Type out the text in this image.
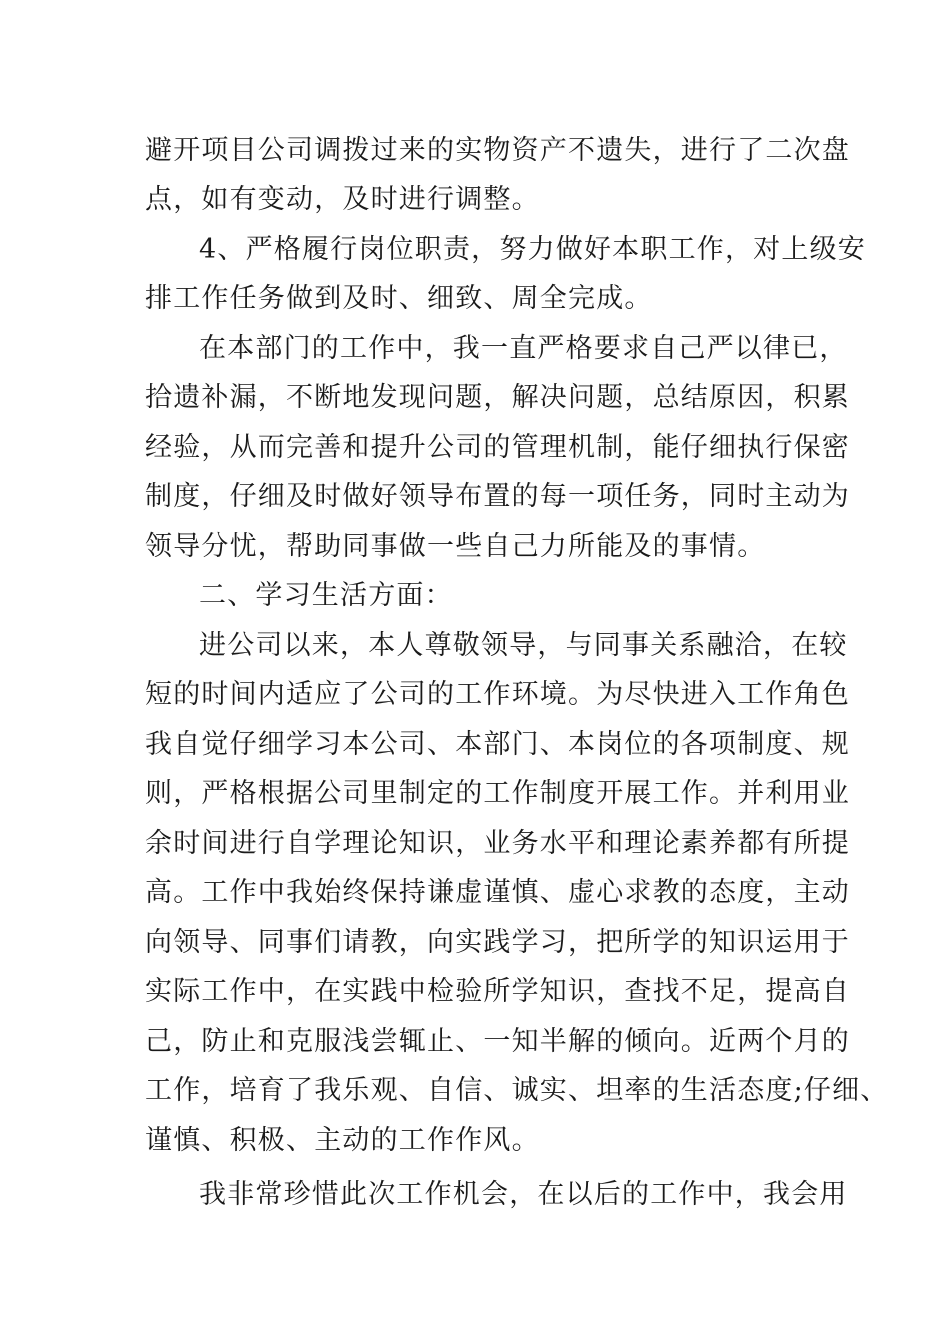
避开项目公司调拨过来的实物资产不遗失，进行了二次盘
点，如有变动，及时进行调整。
4、严格履行岗位职责，努力做好本职工作，对上级安
排工作任务做到及时、细致、周全完成。
在本部门的工作中，我一直严格要求自己严以律已，
拾遗补漏，不断地发现问题，解决问题，总结原因，积累
经验，从而完善和提升公司的管理机制，能仔细执行保密
制度，仔细及时做好领导布置的每一项任务，同时主动为
领导分忧，帮助同事做一些自己力所能及的事情。
二、学习生活方面：
进公司以来，本人尊敬领导，与同事关系融洽，在较
短的时间内适应了公司的工作环境。为尽快进入工作角色
我自觉仔细学习本公司、本部门、本岗位的各项制度、规
则，严格根据公司里制定的工作制度开展工作。并利用业
余时间进行自学理论知识，业务水平和理论素养都有所提
高。工作中我始终保持谦虚谨慎、虚心求教的态度，主动
向领导、同事们请教，向实践学习，把所学的知识运用于
实际工作中，在实践中检验所学知识，查找不足，提高自
己，防止和克服浅尝辄止、一知半解的倾向。近两个月的
工作，培育了我乐观、自信、诚实、坦率的生活态度;仔细、
谨慎、积极、主动的工作作风。
我非常珍惜此次工作机会，在以后的工作中，我会用
